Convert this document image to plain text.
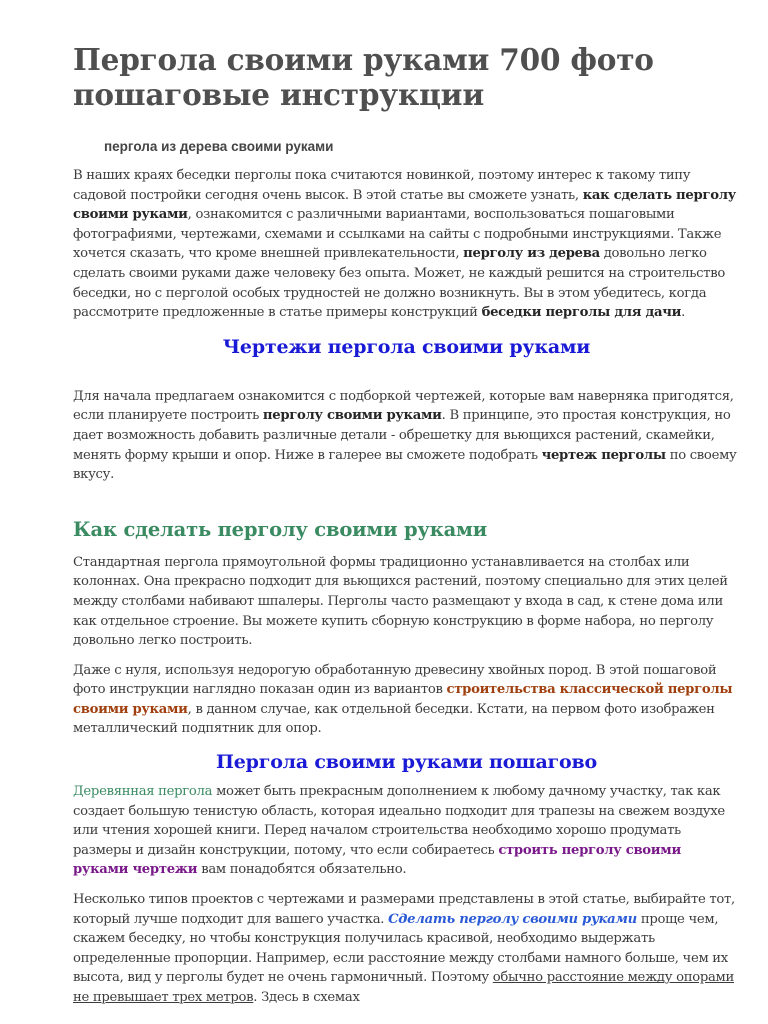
Пергола своими руками 700 фото пошаговые инструкции
пергола из дерева своими руками

В наших краях беседки перголы пока считаются новинкой, поэтому интерес к такому типу садовой постройки сегодня очень высок. В этой статье вы сможете узнать, как сделать перголу своими руками, ознакомится с различными вариантами, воспользоваться пошаговыми фотографиями, чертежами, схемами и ссылками на сайты с подробными инструкциями. Также хочется сказать, что кроме внешней привлекательности, перголу из дерева довольно легко сделать своими руками даже человеку без опыта. Может, не каждый решится на строительство беседки, но с перголой особых трудностей не должно возникнуть. Вы в этом убедитесь, когда рассмотрите предложенные в статье примеры конструкций беседки перголы для дачи.

Чертежи пергола своими руками

Для начала предлагаем ознакомится с подборкой чертежей, которые вам наверняка пригодятся, если планируете построить перголу своими руками. В принципе, это простая конструкция, но дает возможность добавить различные детали - обрешетку для вьющихся растений, скамейки, менять форму крыши и опор. Ниже в галерее вы сможете подобрать чертеж перголы по своему вкусу.

Как сделать перголу своими руками

Стандартная пергола прямоугольной формы традиционно устанавливается на столбах или колоннах. Она прекрасно подходит для вьющихся растений, поэтому специально для этих целей между столбами набивают шпалеры. Перголы часто размещают у входа в сад, к стене дома или как отдельное строение. Вы можете купить сборную конструкцию в форме набора, но перголу довольно легко построить.

Даже с нуля, используя недорогую обработанную древесину хвойных пород. В этой пошаговой фото инструкции наглядно показан один из вариантов строительства классической перголы своими руками, в данном случае, как отдельной беседки. Кстати, на первом фото изображен металлический подпятник для опор.

Пергола своими руками пошагово

Деревянная пергола может быть прекрасным дополнением к любому дачному участку, так как создает большую тенистую область, которая идеально подходит для трапезы на свежем воздухе или чтения хорошей книги. Перед началом строительства необходимо хорошо продумать размеры и дизайн конструкции, потому, что если собираетесь строить перголу своими руками чертежи вам понадобятся обязательно.

Несколько типов проектов с чертежами и размерами представлены в этой статье, выбирайте тот, который лучше подходит для вашего участка. Сделать перголу своими руками проще чем, скажем беседку, но чтобы конструкция получилась красивой, необходимо выдержать определенные пропорции. Например, если расстояние между столбами намного больше, чем их высота, вид у перголы будет не очень гармоничный. Поэтому обычно расстояние между опорами не превышает трех метров. Здесь в схемах
